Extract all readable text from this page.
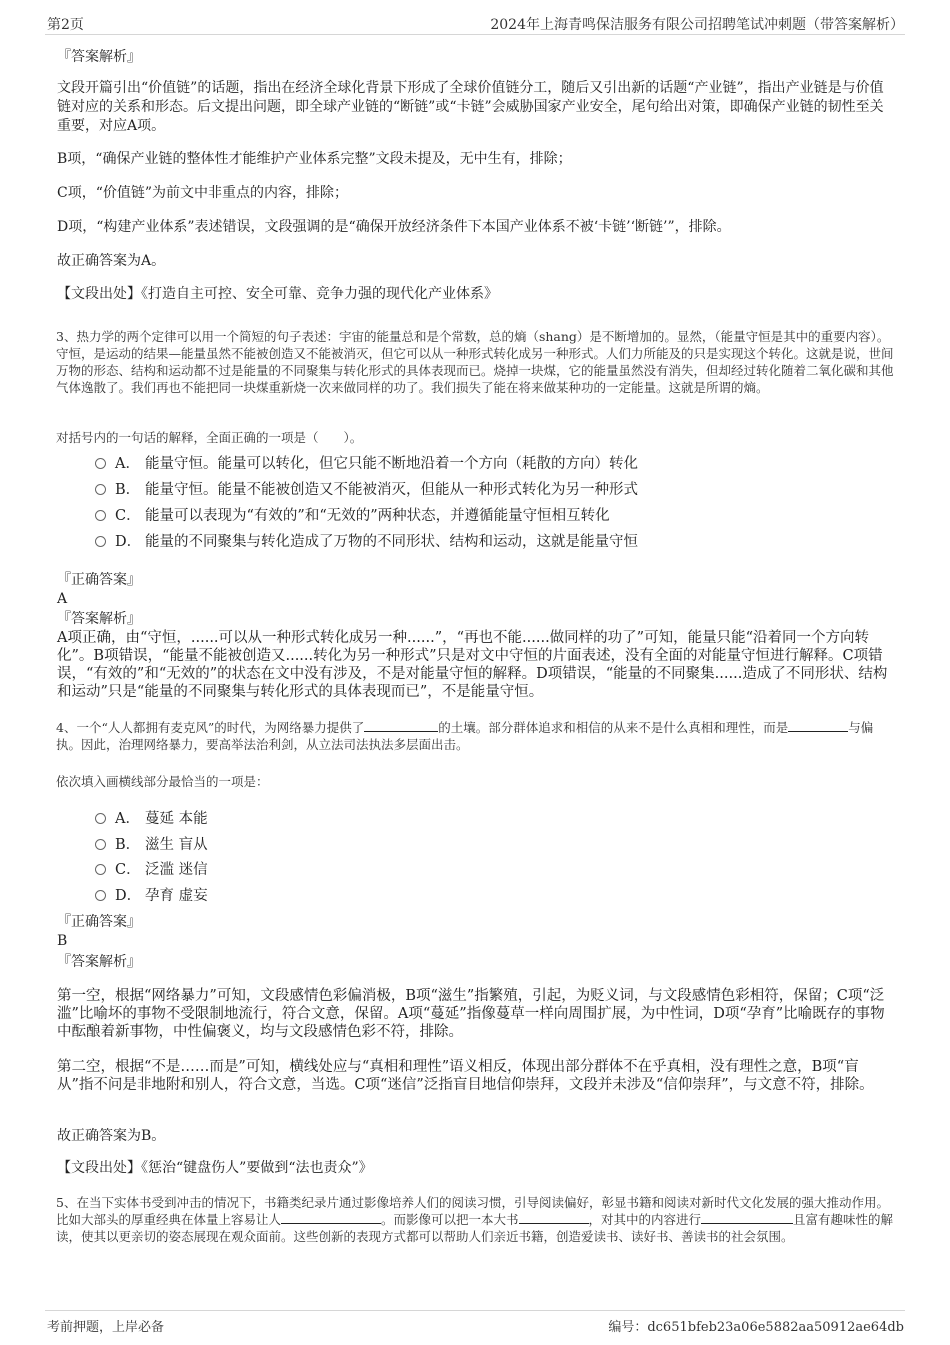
第2页	2024年上海青鸣保洁服务有限公司招聘笔试冲刺题（带答案解析）
『答案解析』
文段开篇引出“价值链”的话题，指出在经济全球化背景下形成了全球价值链分工，随后又引出新的话题“产业链”，指出产业链是与价值链对应的关系和形态。后文提出问题，即全球产业链的“断链”或“卡链”会威胁国家产业安全，尾句给出对策，即确保产业链的韧性至关重要，对应A项。
B项，“确保产业链的整体性才能维护产业体系完整”文段未提及，无中生有，排除；
C项，“价值链”为前文中非重点的内容，排除；
D项，“构建产业体系”表述错误，文段强调的是“确保开放经济条件下本国产业体系不被‘卡链’‘断链’”，排除。
故正确答案为A。
【文段出处】《打造自主可控、安全可靠、竞争力强的现代化产业体系》
3、热力学的两个定律可以用一个简短的句子表述：宇宙的能量总和是个常数，总的熵（shang）是不断增加的。显然，（能量守恒是其中的重要内容）。守恒，是运动的结果—能量虽然不能被创造又不能被消灭，但它可以从一种形式转化成另一种形式。人们力所能及的只是实现这个转化。这就是说，世间万物的形态、结构和运动都不过是能量的不同聚集与转化形式的具体表现而已。烧掉一块煤，它的能量虽然没有消失，但却经过转化随着二氧化碳和其他气体逸散了。我们再也不能把同一块煤重新烧一次来做同样的功了。我们损失了能在将来做某种功的一定能量。这就是所谓的熵。
对括号内的一句话的解释，全面正确的一项是（　　）。
A． 能量守恒。能量可以转化，但它只能不断地沿着一个方向（耗散的方向）转化
B． 能量守恒。能量不能被创造又不能被消灭，但能从一种形式转化为另一种形式
C． 能量可以表现为“有效的”和“无效的”两种状态，并遵循能量守恒相互转化
D． 能量的不同聚集与转化造成了万物的不同形状、结构和运动，这就是能量守恒
『正确答案』
A
『答案解析』
A项正确，由“守恒，......可以从一种形式转化成另一种......”，“再也不能......做同样的功了”可知，能量只能“沿着同一个方向转化”。B项错误，“能量不能被创造又......转化为另一种形式”只是对文中守恒的片面表述，没有全面的对能量守恒进行解释。C项错误，“有效的”和“无效的”的状态在文中没有涉及，不是对能量守恒的解释。D项错误，“能量的不同聚集......造成了不同形状、结构和运动”只是“能量的不同聚集与转化形式的具体表现而已”，不是能量守恒。
4、一个“人人都拥有麦克风”的时代，为网络暴力提供了	的土壤。部分群体追求和相信的从来不是什么真相和理性，而是	与偏执。因此，治理网络暴力，要高举法治利剑，从立法司法执法多层面出击。
依次填入画横线部分最恰当的一项是：
A． 蔓延 本能
B． 滋生 盲从
C． 泛滥 迷信
D． 孕育 虚妄
『正确答案』
B
『答案解析』
第一空，根据“网络暴力”可知，文段感情色彩偏消极，B项“滋生”指繁殖，引起，为贬义词，与文段感情色彩相符，保留；C项“泛滥”比喻坏的事物不受限制地流行，符合文意，保留。A项“蔓延”指像蔓草一样向周围扩展，为中性词，D项“孕育”比喻既存的事物中酝酿着新事物，中性偏褒义，均与文段感情色彩不符，排除。
第二空，根据“不是……而是”可知，横线处应与“真相和理性”语义相反，体现出部分群体不在乎真相，没有理性之意，B项“盲从”指不问是非地附和别人，符合文意，当选。C项“迷信”泛指盲目地信仰崇拜，文段并未涉及“信仰崇拜”，与文意不符，排除。
故正确答案为B。
【文段出处】《惩治“键盘伤人”要做到“法也责众”》
5、在当下实体书受到冲击的情况下，书籍类纪录片通过影像培养人们的阅读习惯，引导阅读偏好，彰显书籍和阅读对新时代文化发展的强大推动作用。比如大部头的厚重经典在体量上容易让人	。而影像可以把一本大书	，对其中的内容进行	且富有趣味性的解读，使其以更亲切的姿态展现在观众面前。这些创新的表现方式都可以帮助人们亲近书籍，创造爱读书、读好书、善读书的社会氛围。
考前押题，上岸必备	编号：dc651bfeb23a06e5882aa50912ae64db
